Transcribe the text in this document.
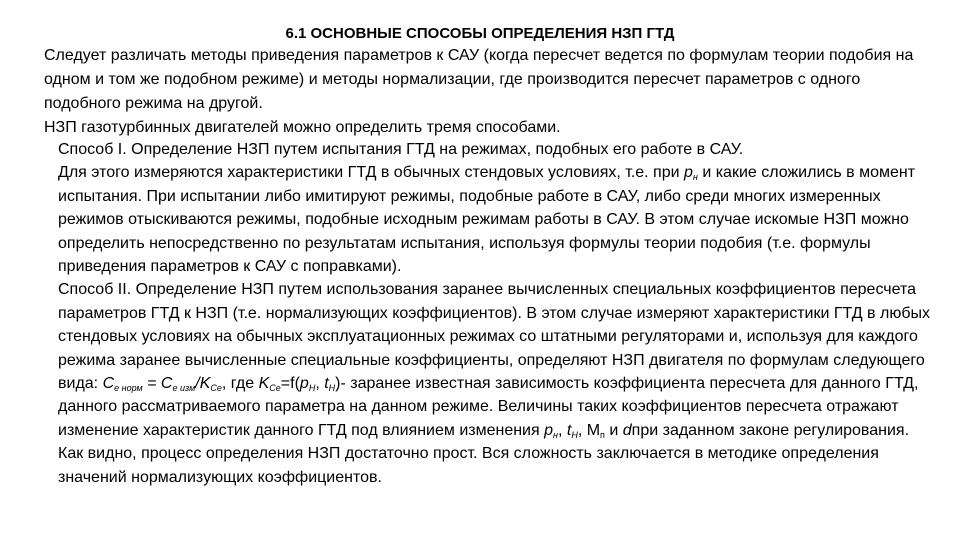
6.1 ОСНОВНЫЕ СПОСОБЫ ОПРЕДЕЛЕНИЯ НЗП ГТД

Следует различать методы приведения параметров к САУ (когда пересчет ведется по формулам теории подобия на одном и том же подобном режиме) и методы нормализации, где производится пересчет параметров с одного подобного режима на другой.

НЗП газотурбинных двигателей можно определить тремя способами.

Способ I. Определение НЗП путем испытания ГТД на режимах, подобных его работе в САУ.

Для этого измеряются характеристики ГТД в обычных стендовых условиях, т.е. при $p_н$ и какие сложились в момент испытания. При испытании либо имитируют режимы, подобные работе в САУ, либо среди многих измеренных режимов отыскиваются режимы, подобные исходным режимам работы в САУ. В этом случае искомые НЗП можно определить непосредственно по результатам испытания, используя формулы теории подобия (т.е. формулы приведения параметров к САУ с поправками).

Способ II. Определение НЗП путем использования заранее вычисленных специальных коэффициентов пересчета параметров ГТД к НЗП (т.е. нормализующих коэффициентов). В этом случае измеряют характеристики ГТД в любых стендовых условиях на обычных эксплуатационных режимах со штатными регуляторами и, используя для каждого режима заранее вычисленные специальные коэффициенты, определяют НЗП двигателя по формулам следующего вида: $C_{e норм} = C_{e изм}/K_{Ce}$, где $K_{Ce}=f(p_H$, $t_H)-$ заранее известная зависимость коэффициента пересчета для данного ГТД, данного рассматриваемого параметра на данном режиме. Величины таких коэффициентов пересчета отражают изменение характеристик данного ГТД под влиянием изменения $p_н$, $t_H$, $М_п$ и dпри заданном законе регулирования. Как видно, процесс определения НЗП достаточно прост. Вся сложность заключается в методике определения значений нормализующих коэффициентов.
